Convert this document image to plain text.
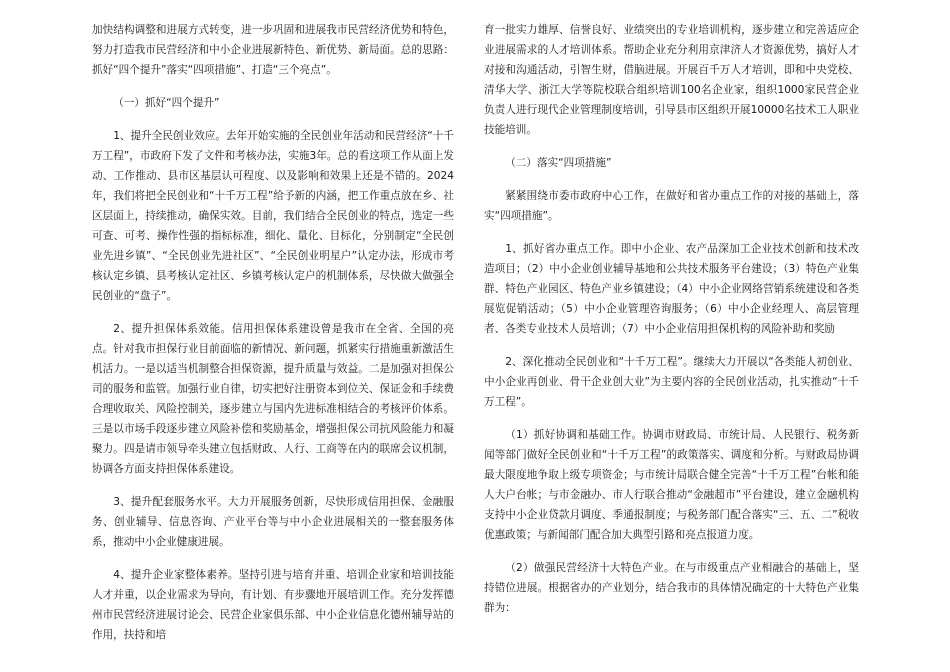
加快结构调整和进展方式转变，进一步巩固和进展我市民营经济优势和特色，努力打造我市民营经济和中小企业进展新特色、新优势、新局面。总的思路：抓好“四个提升”落实“四项措施”、打造“三个亮点”。

（一）抓好“四个提升”

1、提升全民创业效应。去年开始实施的全民创业年活动和民营经济“十千万工程”，市政府下发了文件和考核办法，实施3年。总的看这项工作从面上发动、工作推动、县市区基层认可程度、以及影响和效果上还是不错的。2024年，我们将把全民创业和“十千万工程”给予新的内涵，把工作重点放在乡、社区层面上，持续推动，确保实效。目前，我们结合全民创业的特点，选定一些可查、可考、操作性强的指标标准，细化、量化、目标化，分别制定“全民创业先进乡镇”、“全民创业先进社区”、“全民创业明星户”认定办法，形成市考核认定乡镇、县考核认定社区、乡镇考核认定户的机制体系，尽快做大做强全民创业的“盘子”。

2、提升担保体系效能。信用担保体系建设曾是我市在全省、全国的亮点。针对我市担保行业目前面临的新情况、新问题，抓紧实行措施重新激活生机活力。一是以适当机制整合担保资源，提升质量与效益。二是加强对担保公司的服务和监管。加强行业自律，切实把好注册资本到位关、保证金和手续费合理收取关、风险控制关，逐步建立与国内先进标准相结合的考核评价体系。三是以市场手段逐步建立风险补偿和奖励基金，增强担保公司抗风险能力和凝聚力。四是请市领导牵头建立包括财政、人行、工商等在内的联席会议机制，协调各方面支持担保体系建设。

3、提升配套服务水平。大力开展服务创新，尽快形成信用担保、金融服务、创业辅导、信息咨询、产业平台等与中小企业进展相关的一整套服务体系，推动中小企业健康进展。

4、提升企业家整体素养。坚持引进与培育并重、培训企业家和培训技能人才并重，以企业需求为导向，有计划、有步骤地开展培训工作。充分发挥德州市民营经济进展讨论会、民营企业家俱乐部、中小企业信息化德州辅导站的作用，扶持和培

育一批实力雄厚、信誉良好、业绩突出的专业培训机构，逐步建立和完善适应企业进展需求的人才培训体系。帮助企业充分利用京津济人才资源优势，搞好人才对接和沟通活动，引智生财，借脑进展。开展百千万人才培训，即和中央党校、清华大学、浙江大学等院校联合组织培训100名企业家，组织1000家民营企业负责人进行现代企业管理制度培训，引导县市区组织开展10000名技术工人职业技能培训。

（二）落实“四项措施”

紧紧围绕市委市政府中心工作，在做好和省办重点工作的对接的基础上，落实“四项措施”。

1、抓好省办重点工作。即中小企业、农产品深加工企业技术创新和技术改造项目；（2）中小企业创业辅导基地和公共技术服务平台建设；（3）特色产业集群、特色产业园区、特色产业乡镇建设；（4）中小企业网络营销系统建设和各类展览促销活动；（5）中小企业管理咨询服务；（6）中小企业经理人、高层管理者、各类专业技术人员培训；（7）中小企业信用担保机构的风险补助和奖励

2、深化推动全民创业和“十千万工程”。继续大力开展以“各类能人初创业、中小企业再创业、骨干企业创大业”为主要内容的全民创业活动，扎实推动“十千万工程”。

（1）抓好协调和基础工作。协调市财政局、市统计局、人民银行、税务新闻等部门做好全民创业和“十千万工程”的政策落实、调度和分析。与财政局协调最大限度地争取上级专项资金；与市统计局联合健全完善“十千万工程”台帐和能人大户台帐；与市金融办、市人行联合推动“金融超市”平台建设，建立金融机构支持中小企业贷款月调度、季通报制度；与税务部门配合落实“三、五、二”税收优惠政策；与新闻部门配合加大典型引路和亮点报道力度。

（2）做强民营经济十大特色产业。在与市级重点产业相融合的基础上，坚持错位进展。根据省办的产业划分，结合我市的具体情况确定的十大特色产业集群为：
